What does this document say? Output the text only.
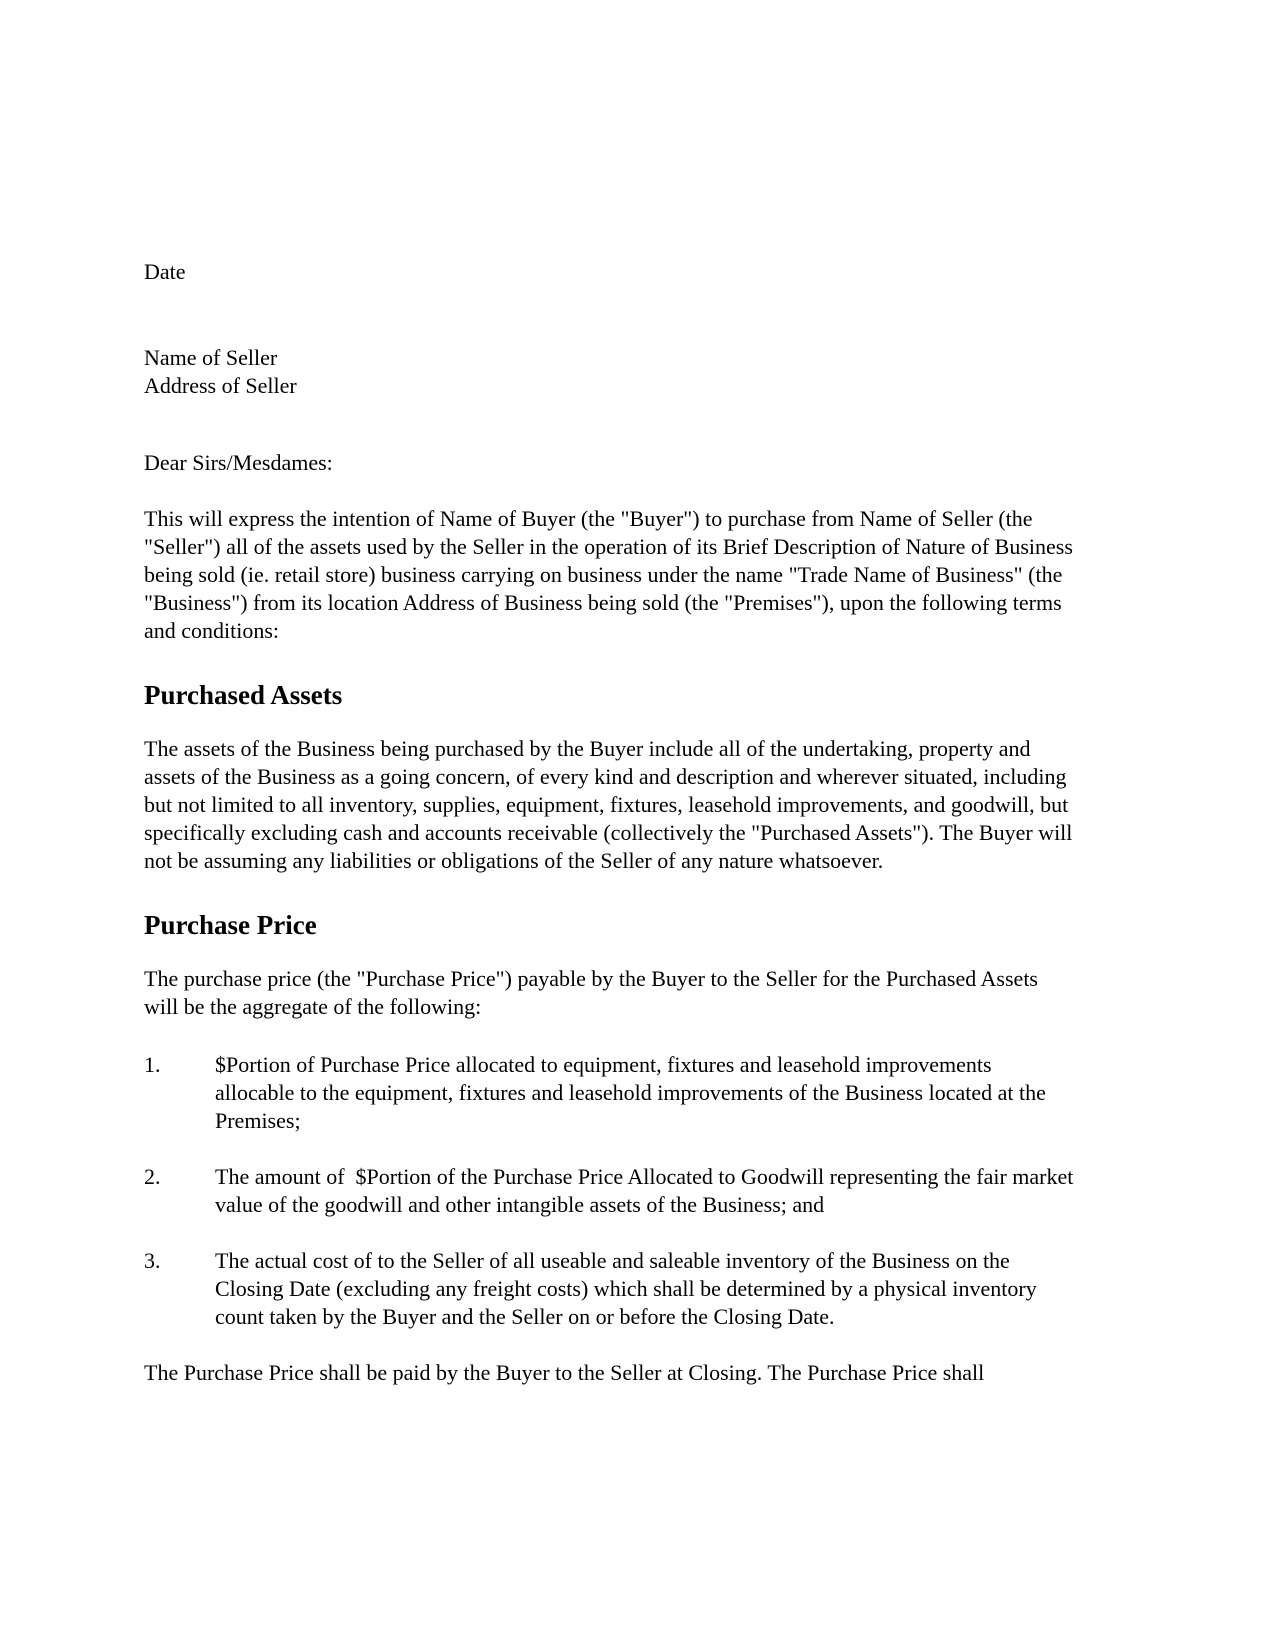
Date

Name of Seller

Address of Seller

Dear Sirs/Mesdames:

This will express the intention of Name of Buyer (the "Buyer") to purchase from Name of Seller (the "Seller") all of the assets used by the Seller in the operation of its Brief Description of Nature of Business being sold (ie. retail store) business carrying on business under the name "Trade Name of Business" (the "Business") from its location Address of Business being sold (the "Premises"), upon the following terms and conditions:

Purchased Assets

The assets of the Business being purchased by the Buyer include all of the undertaking, property and assets of the Business as a going concern, of every kind and description and wherever situated, including but not limited to all inventory, supplies, equipment, fixtures, leasehold improvements, and goodwill, but specifically excluding cash and accounts receivable (collectively the "Purchased Assets"). The Buyer will not be assuming any liabilities or obligations of the Seller of any nature whatsoever.

Purchase Price

The purchase price (the "Purchase Price") payable by the Buyer to the Seller for the Purchased Assets will be the aggregate of the following:

1.	$Portion of Purchase Price allocated to equipment, fixtures and leasehold improvements allocable to the equipment, fixtures and leasehold improvements of the Business located at the Premises;
2.	The amount of  $Portion of the Purchase Price Allocated to Goodwill representing the fair market value of the goodwill and other intangible assets of the Business; and
3.	The actual cost of to the Seller of all useable and saleable inventory of the Business on the Closing Date (excluding any freight costs) which shall be determined by a physical inventory count taken by the Buyer and the Seller on or before the Closing Date.

The Purchase Price shall be paid by the Buyer to the Seller at Closing. The Purchase Price shall
